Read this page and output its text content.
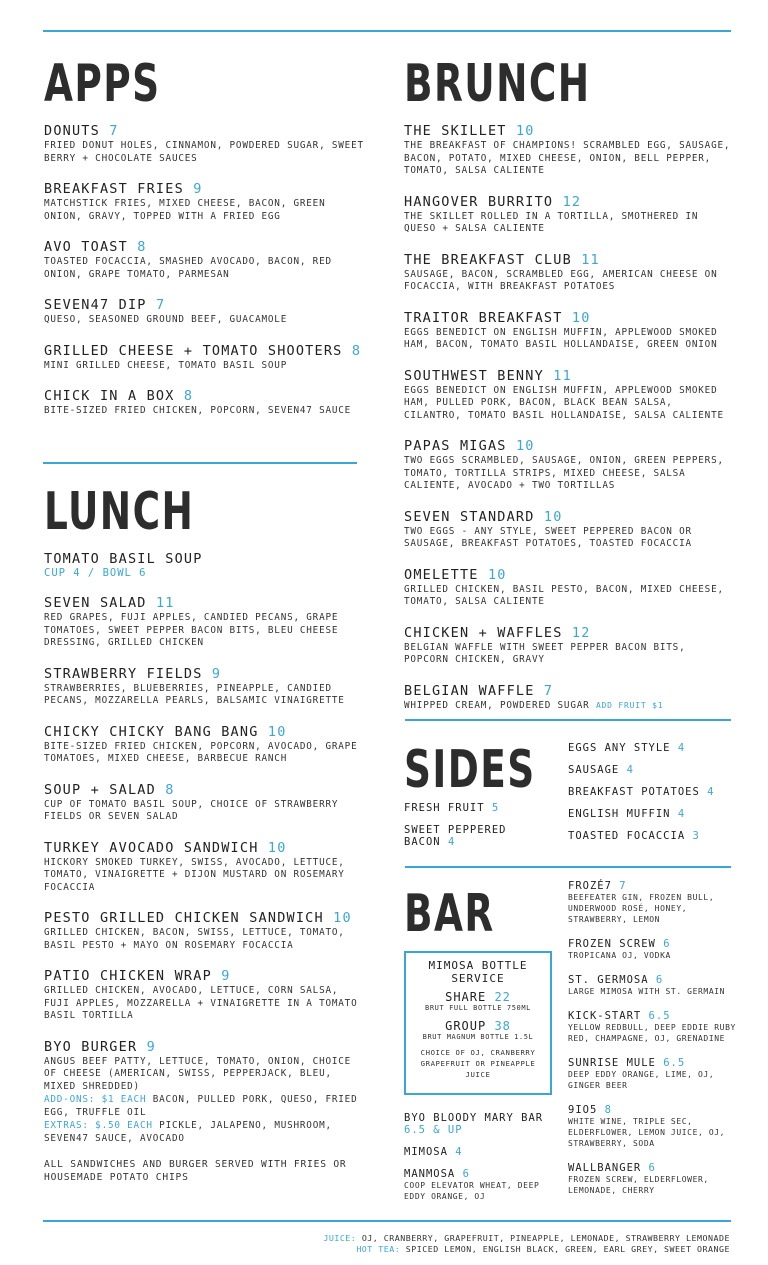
APPS
DONUTS 7
FRIED DONUT HOLES, CINNAMON, POWDERED SUGAR, SWEET BERRY + CHOCOLATE SAUCES
BREAKFAST FRIES 9
MATCHSTICK FRIES, MIXED CHEESE, BACON, GREEN ONION, GRAVY, TOPPED WITH A FRIED EGG
AVO TOAST 8
TOASTED FOCACCIA, SMASHED AVOCADO, BACON, RED ONION, GRAPE TOMATO, PARMESAN
SEVEN47 DIP 7
QUESO, SEASONED GROUND BEEF, GUACAMOLE
GRILLED CHEESE + TOMATO SHOOTERS 8
MINI GRILLED CHEESE, TOMATO BASIL SOUP
CHICK IN A BOX 8
BITE-SIZED FRIED CHICKEN, POPCORN, SEVEN47 SAUCE
LUNCH
TOMATO BASIL SOUP
CUP 4 / BOWL 6
SEVEN SALAD 11
RED GRAPES, FUJI APPLES, CANDIED PECANS, GRAPE TOMATOES, SWEET PEPPER BACON BITS, BLEU CHEESE DRESSING, GRILLED CHICKEN
STRAWBERRY FIELDS 9
STRAWBERRIES, BLUEBERRIES, PINEAPPLE, CANDIED PECANS, MOZZARELLA PEARLS, BALSAMIC VINAIGRETTE
CHICKY CHICKY BANG BANG 10
BITE-SIZED FRIED CHICKEN, POPCORN, AVOCADO, GRAPE TOMATOES, MIXED CHEESE, BARBECUE RANCH
SOUP + SALAD 8
CUP OF TOMATO BASIL SOUP, CHOICE OF STRAWBERRY FIELDS OR SEVEN SALAD
TURKEY AVOCADO SANDWICH 10
HICKORY SMOKED TURKEY, SWISS, AVOCADO, LETTUCE, TOMATO, VINAIGRETTE + DIJON MUSTARD ON ROSEMARY FOCACCIA
PESTO GRILLED CHICKEN SANDWICH 10
GRILLED CHICKEN, BACON, SWISS, LETTUCE, TOMATO, BASIL PESTO + MAYO ON ROSEMARY FOCACCIA
PATIO CHICKEN WRAP 9
GRILLED CHICKEN, AVOCADO, LETTUCE, CORN SALSA, FUJI APPLES, MOZZARELLA + VINAIGRETTE IN A TOMATO BASIL TORTILLA
BYO BURGER 9
ANGUS BEEF PATTY, LETTUCE, TOMATO, ONION, CHOICE OF CHEESE (AMERICAN, SWISS, PEPPERJACK, BLEU, MIXED SHREDDED)
ADD-ONS: $1 EACH BACON, PULLED PORK, QUESO, FRIED EGG, TRUFFLE OIL
EXTRAS: $.50 EACH PICKLE, JALAPENO, MUSHROOM, SEVEN47 SAUCE, AVOCADO
ALL SANDWICHES AND BURGER SERVED WITH FRIES OR HOUSEMADE POTATO CHIPS
BRUNCH
THE SKILLET 10
THE BREAKFAST OF CHAMPIONS! SCRAMBLED EGG, SAUSAGE, BACON, POTATO, MIXED CHEESE, ONION, BELL PEPPER, TOMATO, SALSA CALIENTE
HANGOVER BURRITO 12
THE SKILLET ROLLED IN A TORTILLA, SMOTHERED IN QUESO + SALSA CALIENTE
THE BREAKFAST CLUB 11
SAUSAGE, BACON, SCRAMBLED EGG, AMERICAN CHEESE ON FOCACCIA, WITH BREAKFAST POTATOES
TRAITOR BREAKFAST 10
EGGS BENEDICT ON ENGLISH MUFFIN, APPLEWOOD SMOKED HAM, BACON, TOMATO BASIL HOLLANDAISE, GREEN ONION
SOUTHWEST BENNY 11
EGGS BENEDICT ON ENGLISH MUFFIN, APPLEWOOD SMOKED HAM, PULLED PORK, BACON, BLACK BEAN SALSA, CILANTRO, TOMATO BASIL HOLLANDAISE, SALSA CALIENTE
PAPAS MIGAS 10
TWO EGGS SCRAMBLED, SAUSAGE, ONION, GREEN PEPPERS, TOMATO, TORTILLA STRIPS, MIXED CHEESE, SALSA CALIENTE, AVOCADO + TWO TORTILLAS
SEVEN STANDARD 10
TWO EGGS - ANY STYLE, SWEET PEPPERED BACON OR SAUSAGE, BREAKFAST POTATOES, TOASTED FOCACCIA
OMELETTE 10
GRILLED CHICKEN, BASIL PESTO, BACON, MIXED CHEESE, TOMATO, SALSA CALIENTE
CHICKEN + WAFFLES 12
BELGIAN WAFFLE WITH SWEET PEPPER BACON BITS, POPCORN CHICKEN, GRAVY
BELGIAN WAFFLE 7
WHIPPED CREAM, POWDERED SUGAR ADD FRUIT $1
SIDES
FRESH FRUIT 5
SWEET PEPPERED BACON 4
EGGS ANY STYLE 4
SAUSAGE 4
BREAKFAST POTATOES 4
ENGLISH MUFFIN 4
TOASTED FOCACCIA 3
BAR
MIMOSA BOTTLE SERVICE
SHARE 22
BRUT FULL BOTTLE 750ML
GROUP 38
BRUT MAGNUM BOTTLE 1.5L
CHOICE OF OJ, CRANBERRY GRAPEFRUIT OR PINEAPPLE JUICE
BYO BLOODY MARY BAR 6.5 & UP
MIMOSA 4
MANMOSA 6
COOP ELEVATOR WHEAT, DEEP EDDY ORANGE, OJ
FROZÉ7 7
BEEFEATER GIN, FROZEN BULL, UNDERWOOD ROSÉ, HONEY, STRAWBERRY, LEMON
FROZEN SCREW 6
TROPICANA OJ, VODKA
ST. GERMOSA 6
LARGE MIMOSA WITH ST. GERMAIN
KICK-START 6.5
YELLOW REDBULL, DEEP EDDIE RUBY RED, CHAMPAGNE, OJ, GRENADINE
SUNRISE MULE 6.5
DEEP EDDY ORANGE, LIME, OJ, GINGER BEER
9IO5 8
WHITE WINE, TRIPLE SEC, ELDERFLOWER, LEMON JUICE, OJ, STRAWBERRY, SODA
WALLBANGER 6
FROZEN SCREW, ELDERFLOWER, LEMONADE, CHERRY
JUICE: OJ, CRANBERRY, GRAPEFRUIT, PINEAPPLE, LEMONADE, STRAWBERRY LEMONADE
HOT TEA: SPICED LEMON, ENGLISH BLACK, GREEN, EARL GREY, SWEET ORANGE
